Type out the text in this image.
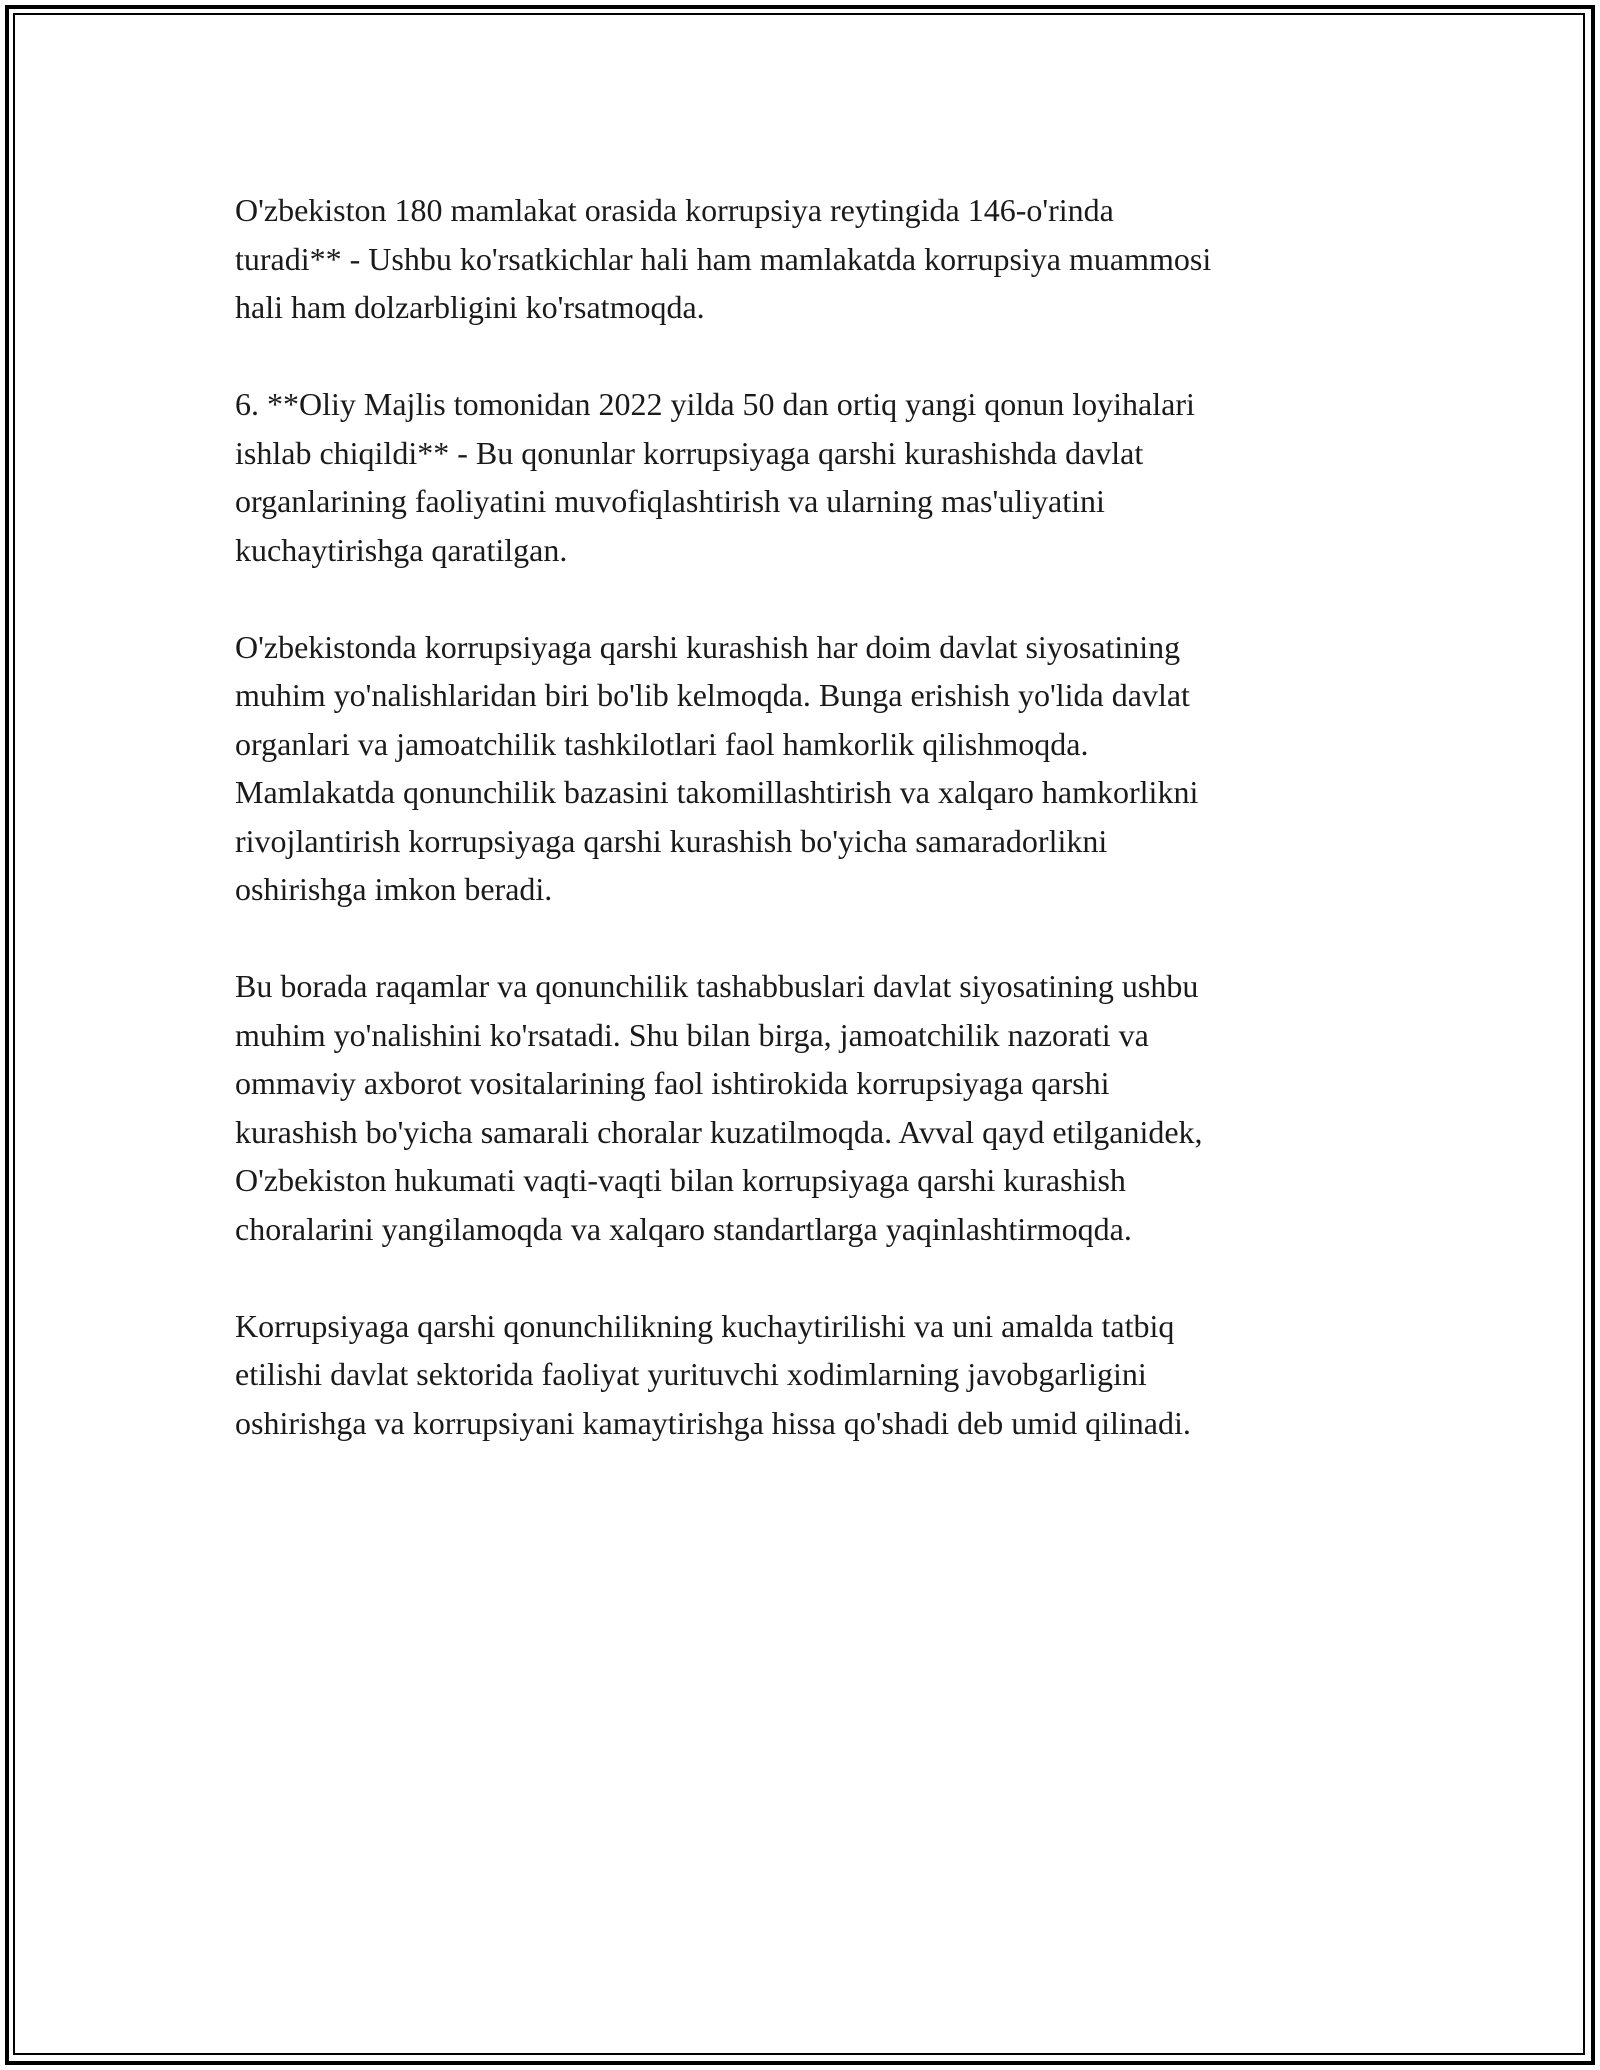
O'zbekiston 180 mamlakat orasida korrupsiya reytingida 146-o'rinda
turadi** - Ushbu ko'rsatkichlar hali ham mamlakatda korrupsiya muammosi
hali ham dolzarbligini ko'rsatmoqda.

6. **Oliy Majlis tomonidan 2022 yilda 50 dan ortiq yangi qonun loyihalari
ishlab chiqildi** - Bu qonunlar korrupsiyaga qarshi kurashishda davlat
organlarining faoliyatini muvofiqlashtirish va ularning mas'uliyatini
kuchaytirishga qaratilgan.

O'zbekistonda korrupsiyaga qarshi kurashish har doim davlat siyosatining
muhim yo'nalishlaridan biri bo'lib kelmoqda. Bunga erishish yo'lida davlat
organlari va jamoatchilik tashkilotlari faol hamkorlik qilishmoqda.
Mamlakatda qonunchilik bazasini takomillashtirish va xalqaro hamkorlikni
rivojlantirish korrupsiyaga qarshi kurashish bo'yicha samaradorlikni
oshirishga imkon beradi.

Bu borada raqamlar va qonunchilik tashabbuslari davlat siyosatining ushbu
muhim yo'nalishini ko'rsatadi. Shu bilan birga, jamoatchilik nazorati va
ommaviy axborot vositalarining faol ishtirokida korrupsiyaga qarshi
kurashish bo'yicha samarali choralar kuzatilmoqda. Avval qayd etilganidek,
O'zbekiston hukumati vaqti-vaqti bilan korrupsiyaga qarshi kurashish
choralarini yangilamoqda va xalqaro standartlarga yaqinlashtirmoqda.

Korrupsiyaga qarshi qonunchilikning kuchaytirilishi va uni amalda tatbiq
etilishi davlat sektorida faoliyat yurituvchi xodimlarning javobgarligini
oshirishga va korrupsiyani kamaytirishga hissa qo'shadi deb umid qilinadi.
